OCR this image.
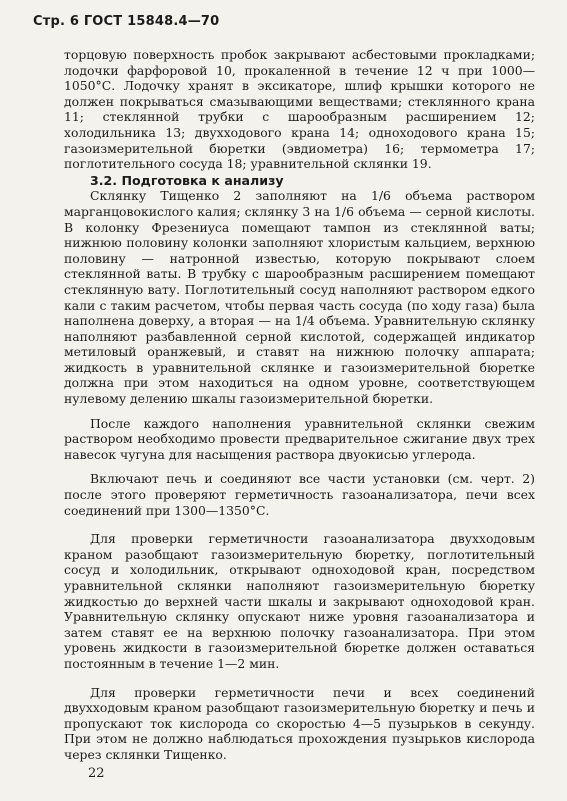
Стр. 6 ГОСТ 15848.4—70

торцовую поверхность пробок закрывают асбестовыми прокладками; лодочки фарфоровой 10, прокаленной в течение 12 ч при 1000—1050°С. Лодочку хранят в эксикаторе, шлиф крышки которого не должен покрываться смазывающими веществами; стеклянного крана 11; стеклянной трубки с шарообразным расширением 12; холодильника 13; двухходового крана 14; одноходового крана 15; газоизмерительной бюретки (эвдиометра) 16; термометра 17; поглотительного сосуда 18; уравнительной склянки 19.

3.2. Подготовка к анализу

Склянку Тищенко 2 заполняют на 1/6 объема раствором марганцовокислого калия; склянку 3 на 1/6 объема — серной кислоты. В колонку Фрезениуса помещают тампон из стеклянной ваты; нижнюю половину колонки заполняют хлористым кальцием, верхнюю половину — натронной известью, которую покрывают слоем стеклянной ваты. В трубку с шарообразным расширением помещают стеклянную вату. Поглотительный сосуд наполняют раствором едкого кали с таким расчетом, чтобы первая часть сосуда (по ходу газа) была наполнена доверху, а вторая — на 1/4 объема. Уравнительную склянку наполняют разбавленной серной кислотой, содержащей индикатор метиловый оранжевый, и ставят на нижнюю полочку аппарата; жидкость в уравнительной склянке и газоизмерительной бюретке должна при этом находиться на одном уровне, соответствующем нулевому делению шкалы газоизмерительной бюретки.

После каждого наполнения уравнительной склянки свежим раствором необходимо провести предварительное сжигание двух трех навесок чугуна для насыщения раствора двуокисью углерода.

Включают печь и соединяют все части установки (см. черт. 2) после этого проверяют герметичность газоанализатора, печи всех соединений при 1300—1350°С.

Для проверки герметичности газоанализатора двухходовым краном разобщают газоизмерительную бюретку, поглотительный сосуд и холодильник, открывают одноходовой кран, посредством уравнительной склянки наполняют газоизмерительную бюретку жидкостью до верхней части шкалы и закрывают одноходовой кран. Уравнительную склянку опускают ниже уровня газоанализатора и затем ставят ее на верхнюю полочку газоанализатора. При этом уровень жидкости в газоизмерительной бюретке должен оставаться постоянным в течение 1—2 мин.

Для проверки герметичности печи и всех соединений двухходовым краном разобщают газоизмерительную бюретку и печь и пропускают ток кислорода со скоростью 4—5 пузырьков в секунду. При этом не должно наблюдаться прохождения пузырьков кислорода через склянки Тищенко.

22
